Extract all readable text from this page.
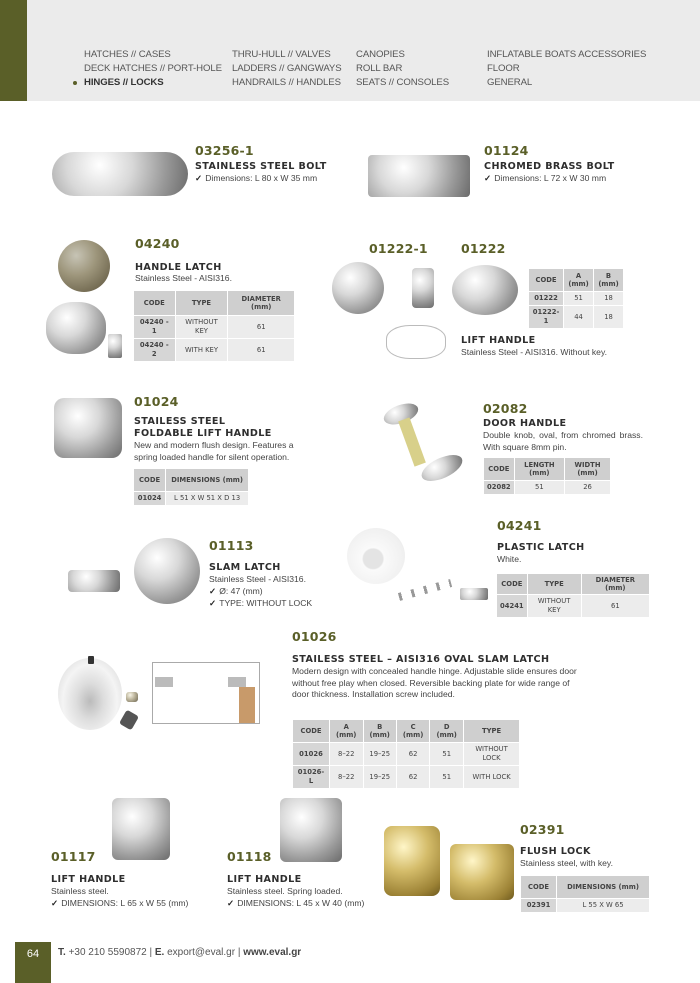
HATCHES // CASES
DECK HATCHES // PORT-HOLE
HINGES // LOCKS
THRU-HULL // VALVES
LADDERS // GANGWAYS
HANDRAILS // HANDLES
CANOPIES
ROLL BAR
SEATS // CONSOLES
INFLATABLE BOATS ACCESSORIES
FLOOR
GENERAL
03256-1
STAINLESS STEEL BOLT
✓ Dimensions: L 80 x W 35 mm
01124
CHROMED BRASS BOLT
✓ Dimensions: L 72 x W 30 mm
04240
HANDLE LATCH
Stainless Steel - AISI316.
CODE	TYPE	DIAMETER (mm)
04240 - 1	WITHOUT KEY	61
04240 - 2	WITH KEY	61
01222-1	01222
CODE	A (mm)	B (mm)
01222	51	18
01222-1	44	18
LIFT HANDLE
Stainless Steel - AISI316. Without key.
01024
STAILESS STEEL
FOLDABLE LIFT HANDLE
New and modern flush design. Features a spring loaded handle for silent operation.
CODE	DIMENSIONS (mm)
01024	L 51 X W 51 X D 13
02082
DOOR HANDLE
Double knob, oval, from chromed brass. With square 8mm pin.
CODE	LENGTH (mm)	WIDTH (mm)
02082	51	26
01113
SLAM LATCH
Stainless Steel - AISI316.
✓ Ø: 47 (mm)
✓ TYPE: WITHOUT LOCK
04241
PLASTIC LATCH
White.
CODE	TYPE	DIAMETER (mm)
04241	WITHOUT KEY	61
01026
STAILESS STEEL – AISI316 OVAL SLAM LATCH
Modern design with concealed handle hinge. Adjustable slide ensures door without free play when closed. Reversible backing plate for wide range of door thickness. Installation screw included.
CODE	A (mm)	B (mm)	C (mm)	D (mm)	TYPE
01026	8–22	19–25	62	51	WITHOUT LOCK
01026-L	8–22	19–25	62	51	WITH LOCK
01117
LIFT HANDLE
Stainless steel.
✓ DIMENSIONS: L 65 x W 55 (mm)
01118
LIFT HANDLE
Stainless steel. Spring loaded.
✓ DIMENSIONS: L 45 x W 40 (mm)
02391
FLUSH LOCK
Stainless steel, with key.
CODE	DIMENSIONS (mm)
02391	L 55 X W 65
64	T. +30 210 5590872 | E. export@eval.gr | www.eval.gr
